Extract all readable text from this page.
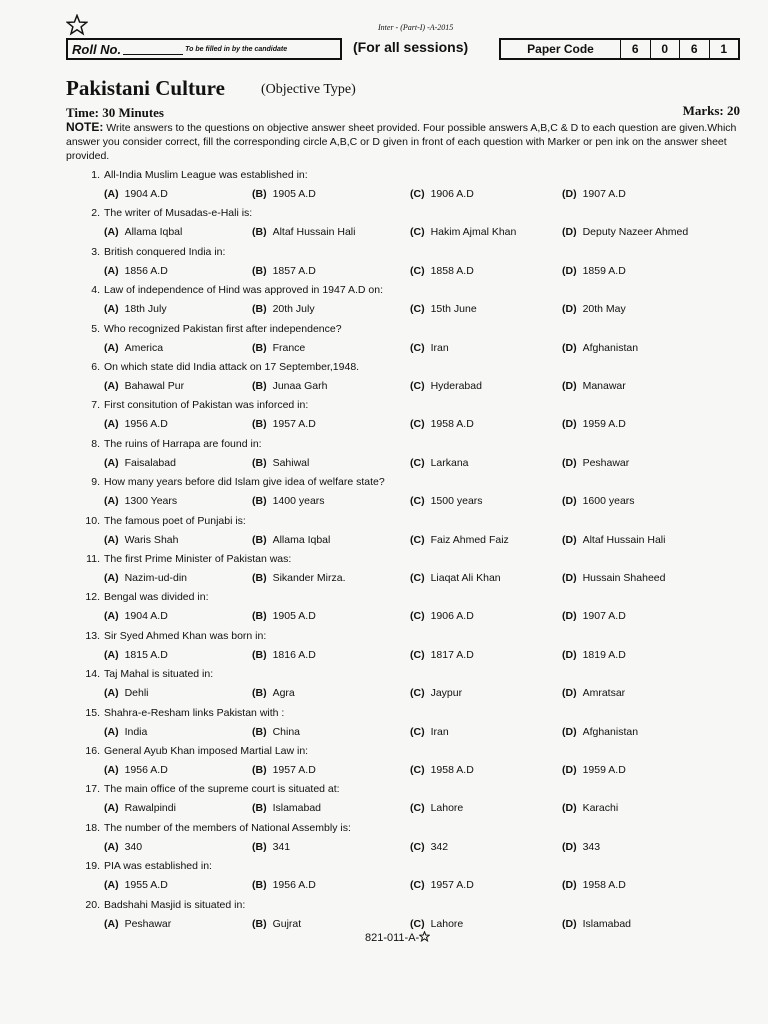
Inter - (Part-I) -A-2015
Roll No.	To be filled in by the candidate	(For all sessions)	Paper Code	6	0	6	1
Pakistani Culture	(Objective Type)
Time: 30 Minutes	Marks: 20
NOTE: Write answers to the questions on objective answer sheet provided. Four possible answers A,B,C & D to each question are given.Which answer you consider correct, fill the corresponding circle A,B,C or D given in front of each question with Marker or pen ink on the answer sheet provided.
1. All-India Muslim League was established in:
(A) 1904 A.D	(B) 1905 A.D	(C) 1906 A.D	(D) 1907 A.D
2. The writer of Musadas-e-Hali is:
(A) Allama Iqbal	(B) Altaf Hussain Hali	(C) Hakim Ajmal Khan	(D) Deputy Nazeer Ahmed
3. British conquered India in:
(A) 1856 A.D	(B) 1857 A.D	(C) 1858 A.D	(D) 1859 A.D
4. Law of independence of Hind was approved in 1947 A.D on:
(A) 18th July	(B) 20th July	(C) 15th June	(D) 20th May
5. Who recognized Pakistan first after independence?
(A) America	(B) France	(C) Iran	(D) Afghanistan
6. On which state did India attack on 17 September,1948.
(A) Bahawal Pur	(B) Junaa Garh	(C) Hyderabad	(D) Manawar
7. First consitution of Pakistan was inforced in:
(A) 1956 A.D	(B) 1957 A.D	(C) 1958 A.D	(D) 1959 A.D
8. The ruins of Harrapa are found in:
(A) Faisalabad	(B) Sahiwal	(C) Larkana	(D) Peshawar
9. How many years before did Islam give idea of welfare state?
(A) 1300 Years	(B) 1400 years	(C) 1500 years	(D) 1600 years
10. The famous poet of Punjabi is:
(A) Waris Shah	(B) Allama Iqbal	(C) Faiz Ahmed Faiz	(D) Altaf Hussain Hali
11. The first Prime Minister of Pakistan was:
(A) Nazim-ud-din	(B) Sikander Mirza.	(C) Liaqat Ali Khan	(D) Hussain Shaheed
12. Bengal was divided in:
(A) 1904 A.D	(B) 1905 A.D	(C) 1906 A.D	(D) 1907 A.D
13. Sir Syed Ahmed Khan was born in:
(A) 1815 A.D	(B) 1816 A.D	(C) 1817 A.D	(D) 1819 A.D
14. Taj Mahal is situated in:
(A) Dehli	(B) Agra	(C) Jaypur	(D) Amratsar
15. Shahra-e-Resham links Pakistan with :
(A) India	(B) China	(C) Iran	(D) Afghanistan
16. General Ayub Khan imposed Martial Law in:
(A) 1956 A.D	(B) 1957 A.D	(C) 1958 A.D	(D) 1959 A.D
17. The main office of the supreme court is situated at:
(A) Rawalpindi	(B) Islamabad	(C) Lahore	(D) Karachi
18. The number of the members of National Assembly is:
(A) 340	(B) 341	(C) 342	(D) 343
19. PIA was established in:
(A) 1955 A.D	(B) 1956 A.D	(C) 1957 A.D	(D) 1958 A.D
20. Badshahi Masjid is situated in:
(A) Peshawar	(B) Gujrat	(C) Lahore	(D) Islamabad
821-011-A-
